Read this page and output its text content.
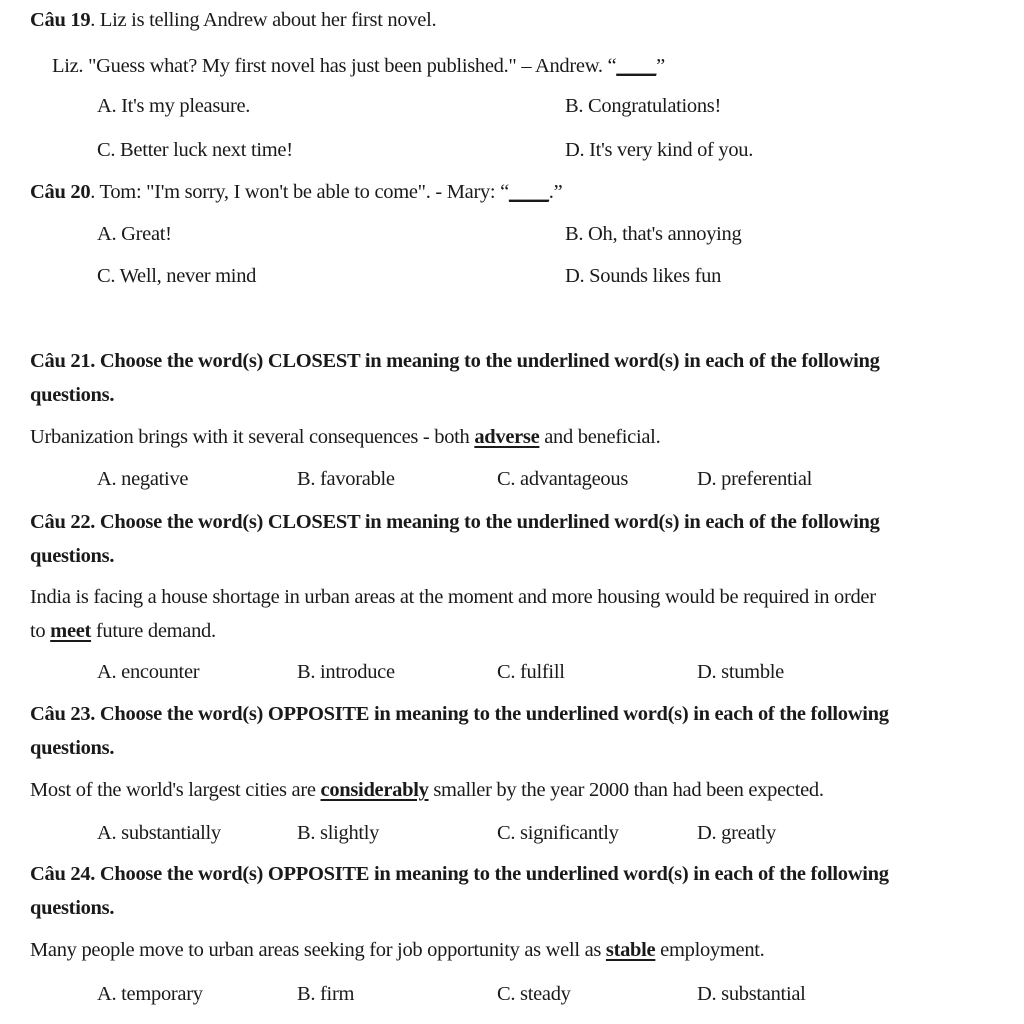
Câu 19. Liz is telling Andrew about her first novel.
Liz. "Guess what? My first novel has just been published." – Andrew. “____”
A. It's my pleasure.	B. Congratulations!
C. Better luck next time!	D. It's very kind of you.
Câu 20. Tom: "I'm sorry, I won't be able to come". - Mary: “____.”
A. Great!	B. Oh, that's annoying
C. Well, never mind	D. Sounds likes fun
Câu 21. Choose the word(s) CLOSEST in meaning to the underlined word(s) in each of the following
questions.
Urbanization brings with it several consequences - both adverse and beneficial.
A. negative	B. favorable	C. advantageous	D. preferential
Câu 22. Choose the word(s) CLOSEST in meaning to the underlined word(s) in each of the following
questions.
India is facing a house shortage in urban areas at the moment and more housing would be required in order
to meet future demand.
A. encounter	B. introduce	C. fulfill	D. stumble
Câu 23. Choose the word(s) OPPOSITE in meaning to the underlined word(s) in each of the following
questions.
Most of the world's largest cities are considerably smaller by the year 2000 than had been expected.
A. substantially	B. slightly	C. significantly	D. greatly
Câu 24. Choose the word(s) OPPOSITE in meaning to the underlined word(s) in each of the following
questions.
Many people move to urban areas seeking for job opportunity as well as stable employment.
A. temporary	B. firm	C. steady	D. substantial
